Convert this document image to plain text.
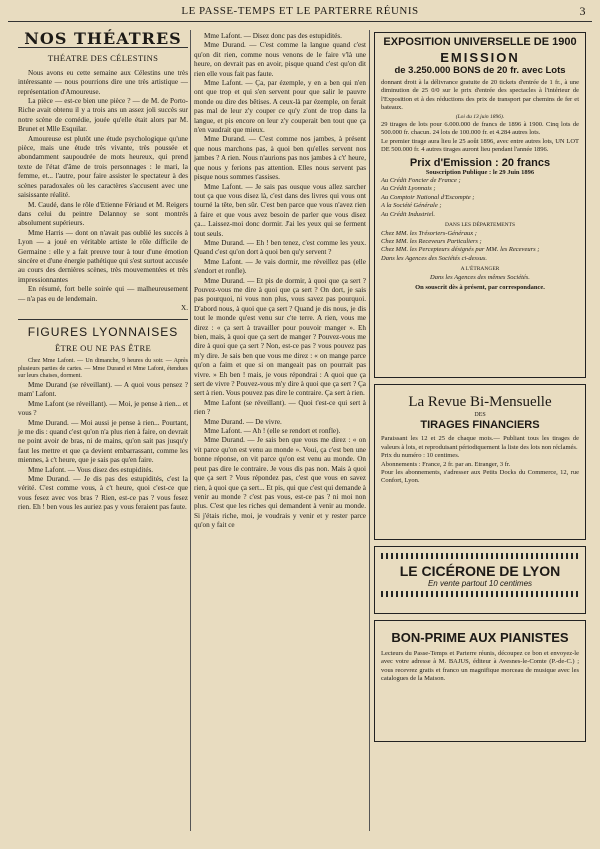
LE PASSE-TEMPS ET LE PARTERRE RÉUNIS	3
NOS THÉATRES
THÉATRE DES CÉLESTINS

Nous avons eu cette semaine aux Célestins une très intéressante — nous pourrions dire une très artistique — représentation d'Amoureuse.

La pièce — est-ce bien une pièce ? — de M. de Porto-Riche avait obtenu il y a trois ans un assez joli succès sur notre scène de comédie, jouée qu'elle était alors par M. Brunet et Mlle Esquilar.

Amoureuse est plutôt une étude psychologique qu'une pièce, mais une étude très vivante, très poussée et abondamment saupoudrée de mots heureux, qui prend texte de l'état d'âme de trois personnages : le mari, la femme, et... l'autre, pour faire assister le spectateur à des scènes paradoxales où les caractères s'accusent avec une saisissante réalité.

M. Caudé, dans le rôle d'Etienne Fériaud et M. Reigers dans celui du peintre Delannoy se sont montrés absolument supérieurs.

Mme Harris — dont on n'avait pas oublié les succès à Lyon — a joué en véritable artiste le rôle difficile de Germaine : elle y a fait preuve tour à tour d'une émotion sincère et d'une énergie pathétique qui s'est surtout accusée au cours des dernières scènes, très mouvementées et très impressionnantes

En résumé, fort belle soirée qui — malheureusement — n'a pas eu de lendemain.

X.
FIGURES LYONNAISES
ÊTRE OU NE PAS ÊTRE

Chez Mme Lafont. — Un dimanche, 9 heures du soir. — Après plusieurs parties de cartes. — Mme Durand et Mme Lafont, étendues sur leurs chaises, dorment.

Mme Durand (se réveillant). — A quoi vous pensez ? mam' Lafont.

Mme Lafont (se réveillant). — Moi, je pense à rien... et vous ?

Mme Durand. — Moi aussi je pense à rien... Pourtant, je me dis : quand c'est qu'on n'a plus rien à faire, on devrait ne point avoir de bras, ni de mains, qu'on sait pas jusqu'y faut les mettre et que ça devient embarrassant, comme les miennes, à c't heure, que je sais pas qu'en faire.

Mme Lafont. — Vous disez des estupidités.

Mme Durand. — Je dis pas des estupidités, c'est la vérité. C'est comme vous, à c't heure, quoi c'est-ce que vous fesez avec vos bras ? Rien, est-ce pas ? vous fesez rien. Eh ! ben vous les auriez pas y vous feraient pas faute.

Mme Lafont. — Disez donc pas des estupidités.

Mme Durand. — C'est comme la langue quand c'est qu'on dit rien, comme nous venons de le faire v'là une heure, on devrait pas en avoir, pisque quand c'est qu'on dit rien elle vous fait pas faute.

Mme Lafont. — Ça, par ézemple, y en a ben qui n'en ont que trop et qui s'en servent pour que salir le pauvre monde ou dire des bêtises. A ceux-là par ézemple, on ferait pas mal de leur z'y couper ce qu'y z'ont de trop dans la langue, et pis encore on leur z'y couperait ben tout que ça n'en vaudrait que mieux.

Mme Durand. — C'est comme nos jambes, à présent que nous marchons pas, à quoi ben qu'elles servent nos jambes ? A rien. Nous n'aurions pas nos jambes à c't' heure, que nous y ferions pas attention. Elles nous servent pas pisque nous sommes t'assises.

Mme Lafont. — Je sais pas ousque vous allez sarcher tout ça que vous disez là, c'est dans des livres qui vous ont tourné la tête, ben sûr. C'est ben parce que vous n'avez rien à faire et que vous avez besoin de parler que vous disez ça... Laissez-moi donc dormir. J'ai les yeux qui se ferment tout seuls.

Mme Durand. — Eh ! ben tenez, c'est comme les yeux. Quand c'est qu'on dort à quoi ben qu'y servent ?

Mme Lafont. — Je vais dormir, me réveillez pas (elle s'endort et ronfle).

Mme Durand. — Et pis de dormir, à quoi que ça sert ? Pouvez-vous me dire à quoi que ça sert ? On dort, je sais pas pourquoi, ni vous non plus, vous savez pas pourquoi. D'abord nous, à quoi que ça sert ? Quand je dis nous, je dis tout le monde qu'est venu sur c'te terre. A rien, vous me direz : « ça sert à travailler pour pouvoir manger ». Eh bien, mais, à quoi que ça sert de manger ? Pouvez-vous me dire à quoi que ça sert ? Non, est-ce pas ? vous pouvez pas m'y dire. Je sais ben que vous me direz : « on mange parce qu'on a faim et que si on mangeait pas on pourrait pas vivre. » Eh ben ! mais, je vous répondrai : A quoi que ça sert de vivre ? Pouvez-vous m'y dire à quoi que ça sert ? Ça sert à rien. Vous pouvez pas dire le contraire. Ça sert à rien.

Mme Lafont (se réveillant). — Quoi t'est-ce qui sert à rien ?

Mme Durand. — De vivre.

Mme Lafont. — Ah ! (elle se rendort et ronfle).

Mme Durand. — Je sais ben que vous me direz : « on vit parce qu'on est venu au monde ». Voui, ça c'est ben une bonne réponse, on vit parce qu'on est venu au monde. On peut pas dire le contraire. Je vous dis pas non. Mais à quoi que ça sert ? Vous répondez pas, c'est que vous en savez rien, à quoi que ça sert... Et pis, qui que c'est qui demande à venir au monde ? c'est pas vous, est-ce pas ? ni moi non plus. C'est que les riches qui demandent à venir au monde. Si j'étais riche, moi, je voudrais y venir et y rester parce qu'on y fait ce

EXPOSITION UNIVERSELLE DE 1900
EMISSION
de 3.250.000 BONS de 20 fr. avec Lots

donnant droit à la délivrance gratuite de 20 tickets d'entrée de 1 fr., à une diminution de 25 0/0 sur le prix d'entrée des spectacles à l'intérieur de l'Exposition et à des réductions des prix de transport par chemins de fer et bateaux.

(Loi du 13 juin 1896).

29 tirages de lots pour 6.000.000 de francs de 1896 à 1900. Cinq lots de 500.000 fr. chacun. 24 lots de 100.000 fr. et 4.284 autres lots.

Le premier tirage aura lieu le 25 août 1896, avec entre autres lots, UN LOT DE 500.000 fr. 4 autres tirages auront lieu pendant l'année 1896.

Prix d'Emission : 20 francs

Souscription Publique : le 29 Juin 1896

Au Crédit Foncier de France ;

Au Crédit Lyonnais ;

Au Comptoir National d'Escompte ;

A la Société Générale ;

Au Crédit Industriel.

DANS LES DÉPARTEMENTS

Chez MM. les Trésoriers-Généraux ;

Chez MM. les Receveurs Particuliers ;

Chez MM. les Percepteurs désignés par MM. les Receveurs ;

Dans les Agences des Sociétés ci-dessus.

A L'ÉTRANGER

Dans les Agences des mêmes Sociétés.

On souscrit dès à présent, par correspondance.

La Revue Bi-Mensuelle

DES

TIRAGES FINANCIERS

Paraissant les 12 et 25 de chaque mois.— Publiant tous les tirages de valeurs à lots, et reproduisant périodiquement la liste des lots non réclamés.

Prix du numéro : 10 centimes.

Abonnements : France, 2 fr. par an. Etranger, 3 fr.

Pour les abonnements, s'adresser aux Petits Docks du Commerce, 12, rue Confort, Lyon.

LE CICÉRONE DE LYON
En vente partout 10 centimes
BON-PRIME AUX PIANISTES

Lecteurs du Passe-Temps et Parterre réunis, découpez ce bon et envoyez-le avec votre adresse à M. BAJUS, éditeur à Avesnes-le-Comte (P.-de-C.) ; vous recevrez gratis et franco un magnifique morceau de musique avec les catalogues de la Maison.
